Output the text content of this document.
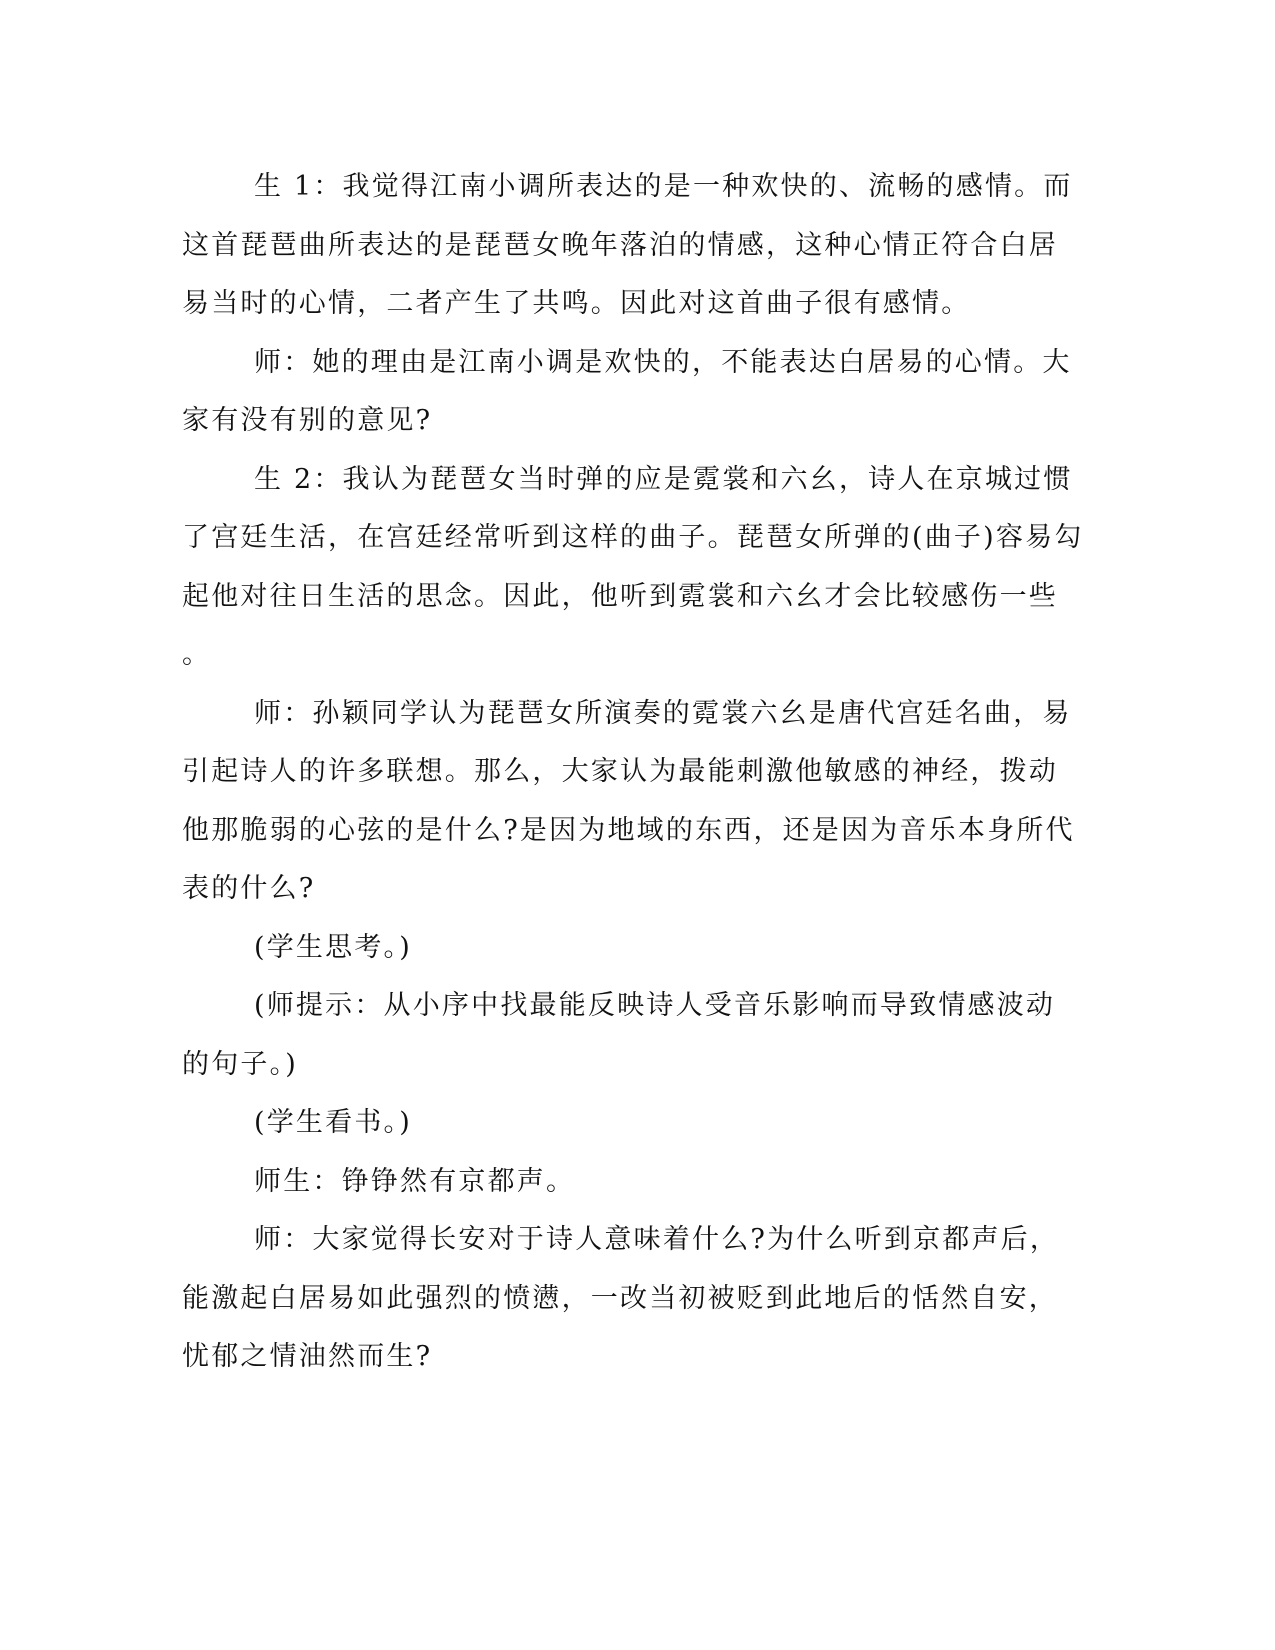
生 1：我觉得江南小调所表达的是一种欢快的、流畅的感情。而
这首琵琶曲所表达的是琵琶女晚年落泊的情感，这种心情正符合白居
易当时的心情，二者产生了共鸣。因此对这首曲子很有感情。
师：她的理由是江南小调是欢快的，不能表达白居易的心情。大
家有没有别的意见?
生 2：我认为琵琶女当时弹的应是霓裳和六幺，诗人在京城过惯
了宫廷生活，在宫廷经常听到这样的曲子。琵琶女所弹的(曲子)容易勾
起他对往日生活的思念。因此，他听到霓裳和六幺才会比较感伤一些
。
师：孙颖同学认为琵琶女所演奏的霓裳六幺是唐代宫廷名曲，易
引起诗人的许多联想。那么，大家认为最能刺激他敏感的神经，拨动
他那脆弱的心弦的是什么?是因为地域的东西，还是因为音乐本身所代
表的什么?
(学生思考。)
(师提示：从小序中找最能反映诗人受音乐影响而导致情感波动
的句子。)
(学生看书。)
师生：铮铮然有京都声。
师：大家觉得长安对于诗人意味着什么?为什么听到京都声后，
能激起白居易如此强烈的愤懑，一改当初被贬到此地后的恬然自安，
忧郁之情油然而生?
